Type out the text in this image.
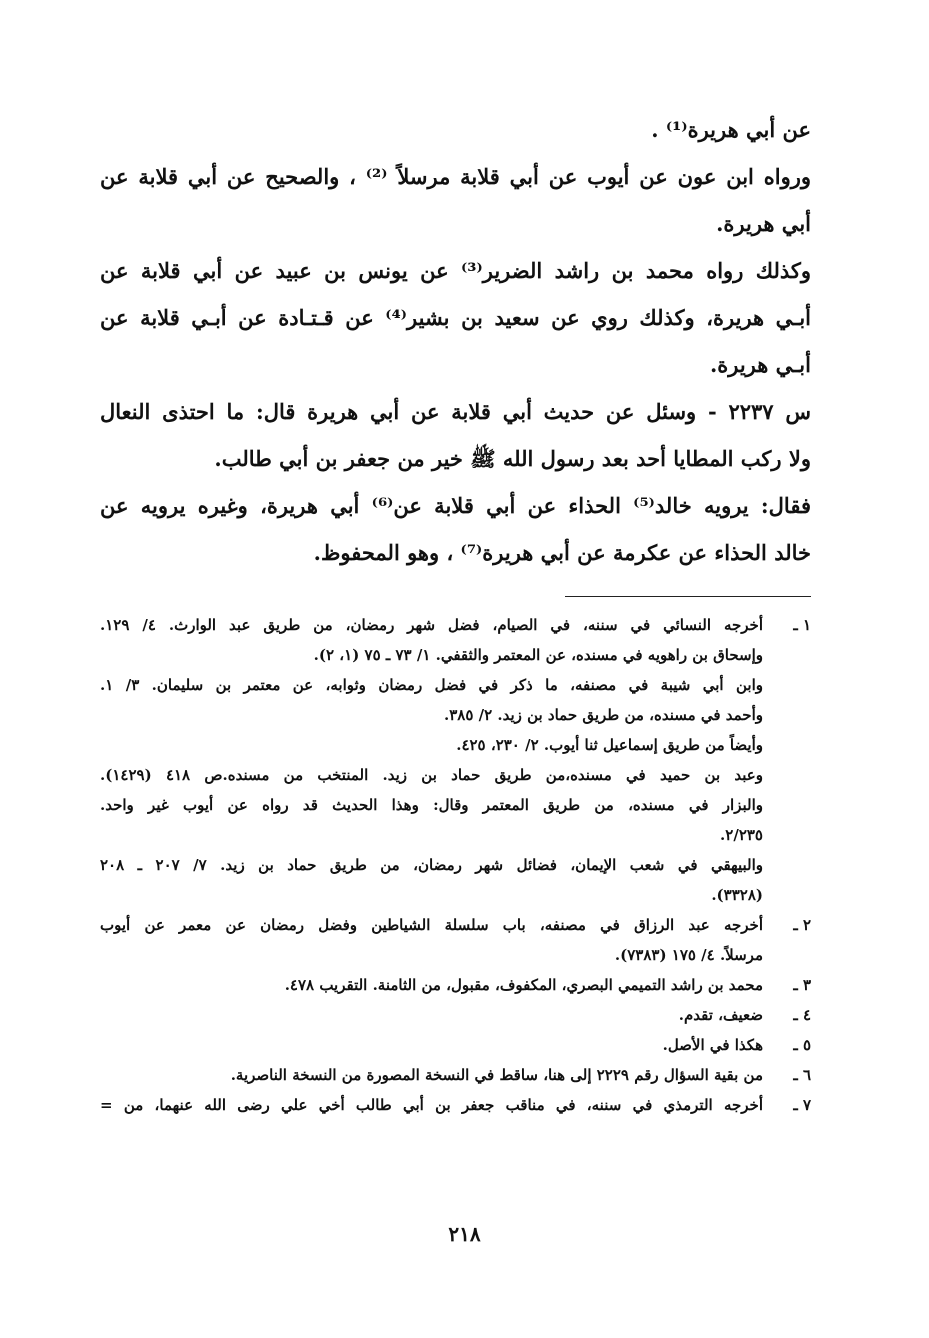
عن أبي هريرة⁽¹⁾ .
ورواه ابن عون عن أيوب عن أبي قلابة مرسلاً ⁽²⁾ ، والصحيح عن أبي قلابة عن
أبي هريرة.
وكذلك رواه محمد بن راشد الضرير⁽³⁾ عن يونس بن عبيد عن أبي قلابة عن
أبـي هريرة، وكذلك روي عن سعيد بن بشير⁽⁴⁾ عن قـتـادة عن أبـي قلابة عن
أبـي هريرة.
س ٢٢٣٧ - وسئل عن حديث أبي قلابة عن أبي هريرة قال: ما احتذى النعال
ولا ركب المطايا أحد بعد رسول الله ﷺ خير من جعفر بن أبي طالب.
فقال: يرويه خالد⁽⁵⁾ الحذاء عن أبي قلابة عن⁽⁶⁾ أبي هريرة، وغيره يرويه عن
خالد الحذاء عن عكرمة عن أبي هريرة⁽⁷⁾ ، وهو المحفوظ.
١ ـ
أخرجه النسائي في سننه، في الصيام، فضل شهر رمضان، من طريق عبد الوارث. ٤/ ١٢٩.
وإسحاق بن راهويه في مسنده، عن المعتمر والثقفي. ١/ ٧٣ ـ ٧٥ (١، ٢).
وابن أبي شيبة في مصنفه، ما ذكر في فضل رمضان وثوابه، عن معتمر بن سليمان. ٣/ ١.
وأحمد في مسنده، من طريق حماد بن زيد. ٢/ ٣٨٥.
وأيضاً من طريق إسماعيل ثنا أيوب. ٢/ ٢٣٠، ٤٢٥.
وعبد بن حميد في مسنده،من طريق حماد بن زيد. المنتخب من مسنده.ص ٤١٨ (١٤٢٩).
والبزار في مسنده، من طريق المعتمر وقال: وهذا الحديث قد رواه عن أيوب غير واحد.
٢/٢٣٥.
والبيهقي في شعب الإيمان، فضائل شهر رمضان، من طريق حماد بن زيد. ٧/ ٢٠٧ ـ ٢٠٨
(٣٣٢٨).
٢ ـ
أخرجه عبد الرزاق في مصنفه، باب سلسلة الشياطين وفضل رمضان عن معمر عن أيوب
مرسلاً. ٤/ ١٧٥ (٧٣٨٣).
٣ ـ
محمد بن راشد التميمي البصري، المكفوف، مقبول، من الثامنة. التقريب ٤٧٨.
٤ ـ
ضعيف، تقدم.
٥ ـ
هكذا في الأصل.
٦ ـ
من بقية السؤال رقم ٢٢٢٩ إلى هنا، ساقط في النسخة المصورة من النسخة الناصرية.
٧ ـ
أخرجه الترمذي في سننه، في مناقب جعفر بن أبي طالب أخي علي رضى الله عنهما، من =
٢١٨
